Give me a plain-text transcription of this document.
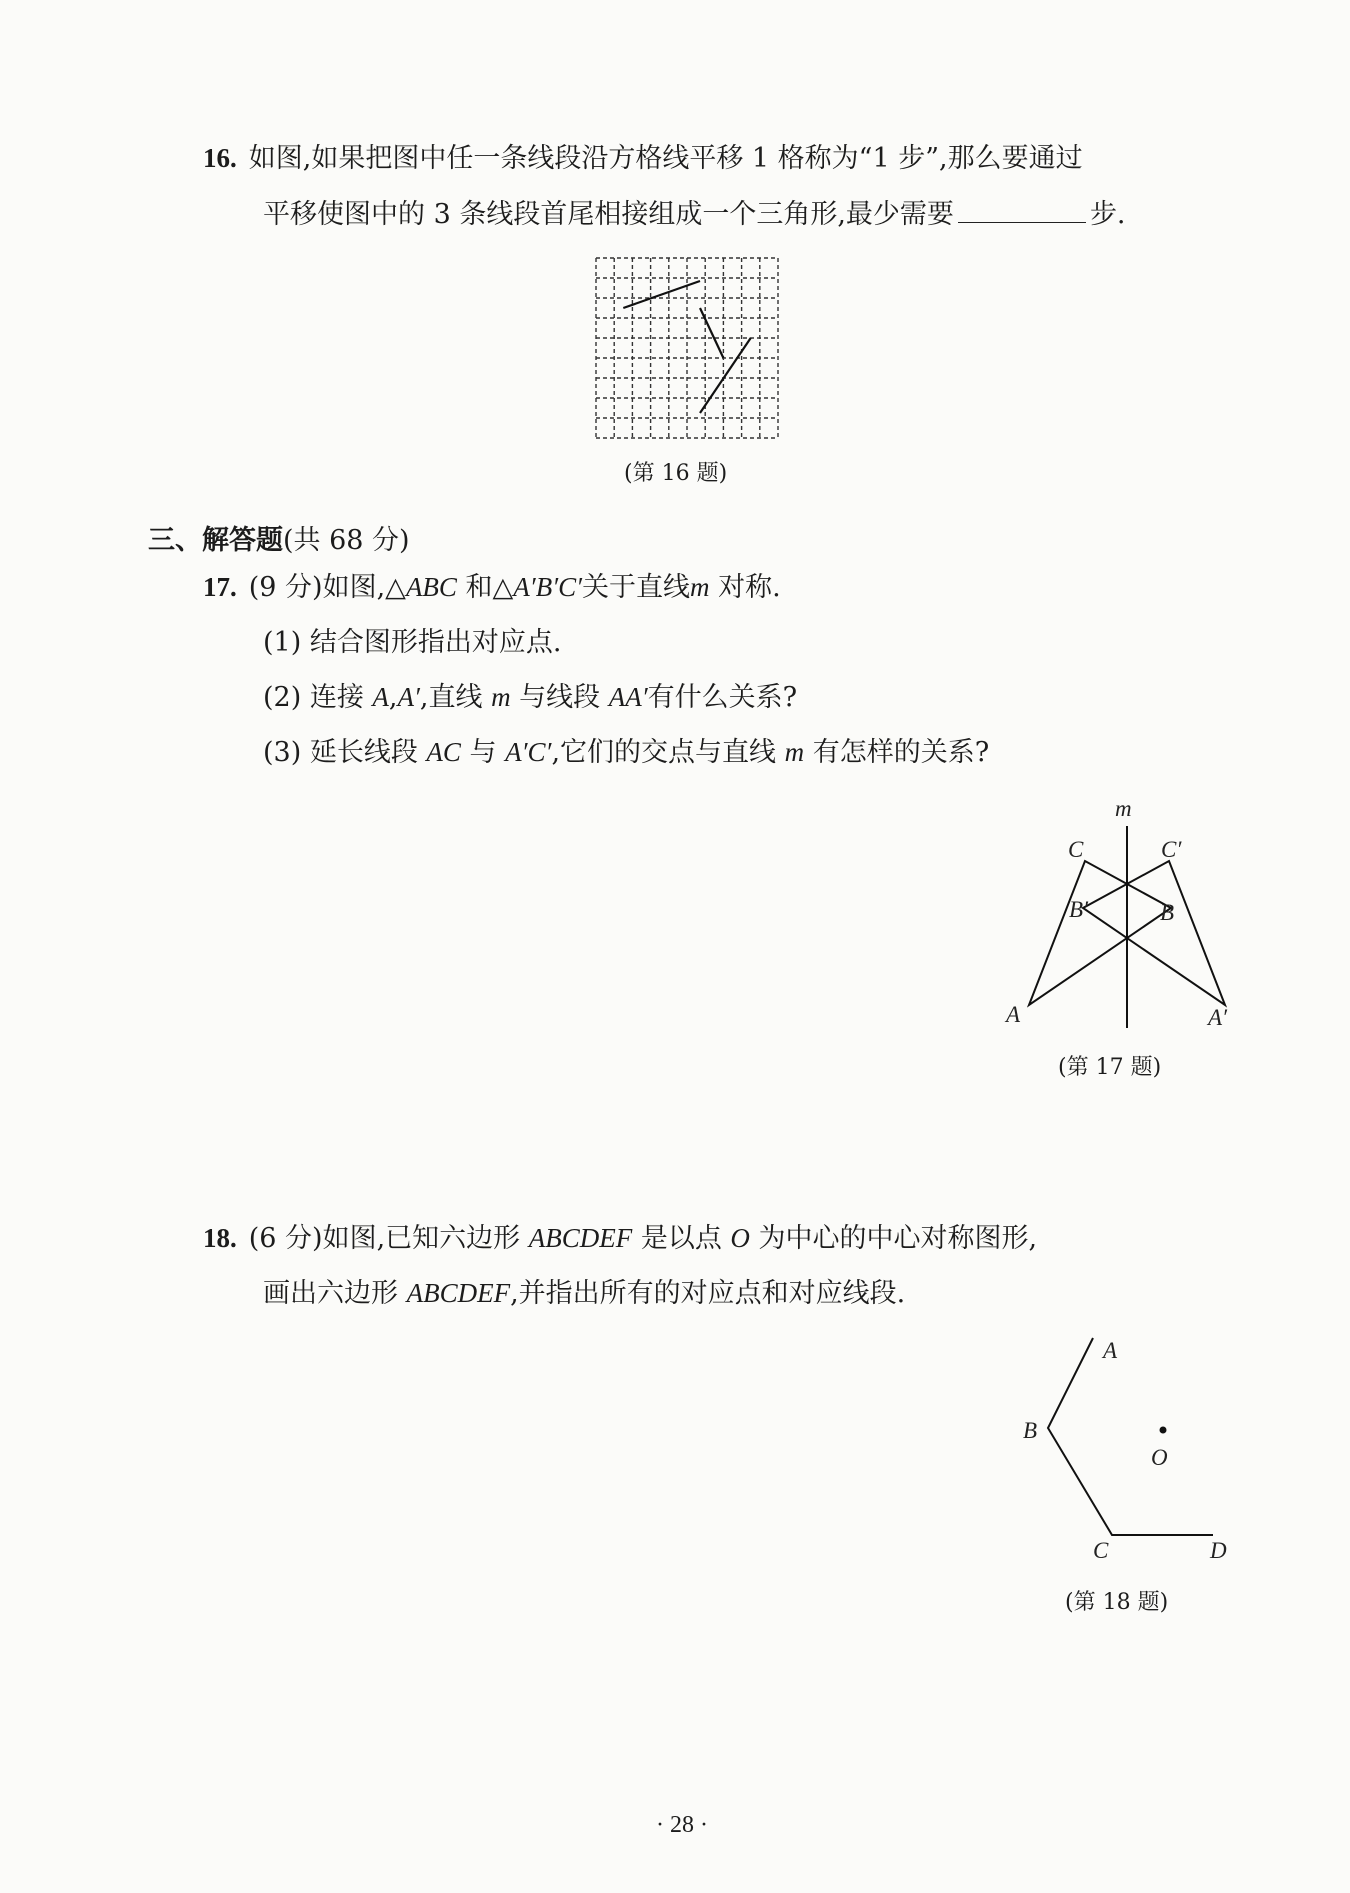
16. 如图,如果把图中任一条线段沿方格线平移 1 格称为“1 步”,那么要通过
平移使图中的 3 条线段首尾相接组成一个三角形,最少需要	步.
(第 16 题)
三、解答题(共 68 分)
17. (9 分)如图,△ABC 和△A′B′C′关于直线m 对称.
(1) 结合图形指出对应点.
(2) 连接 A,A′,直线 m 与线段 AA′有什么关系?
(3) 延长线段 AC 与 A′C′,它们的交点与直线 m 有怎样的关系?
m
C	C′
B′	B
A	A′
A
B
O
C	D
(第 17 题)
18. (6 分)如图,已知六边形 ABCDEF 是以点 O 为中心的中心对称图形,
画出六边形 ABCDEF,并指出所有的对应点和对应线段.
(第 18 题)
· 28 ·
